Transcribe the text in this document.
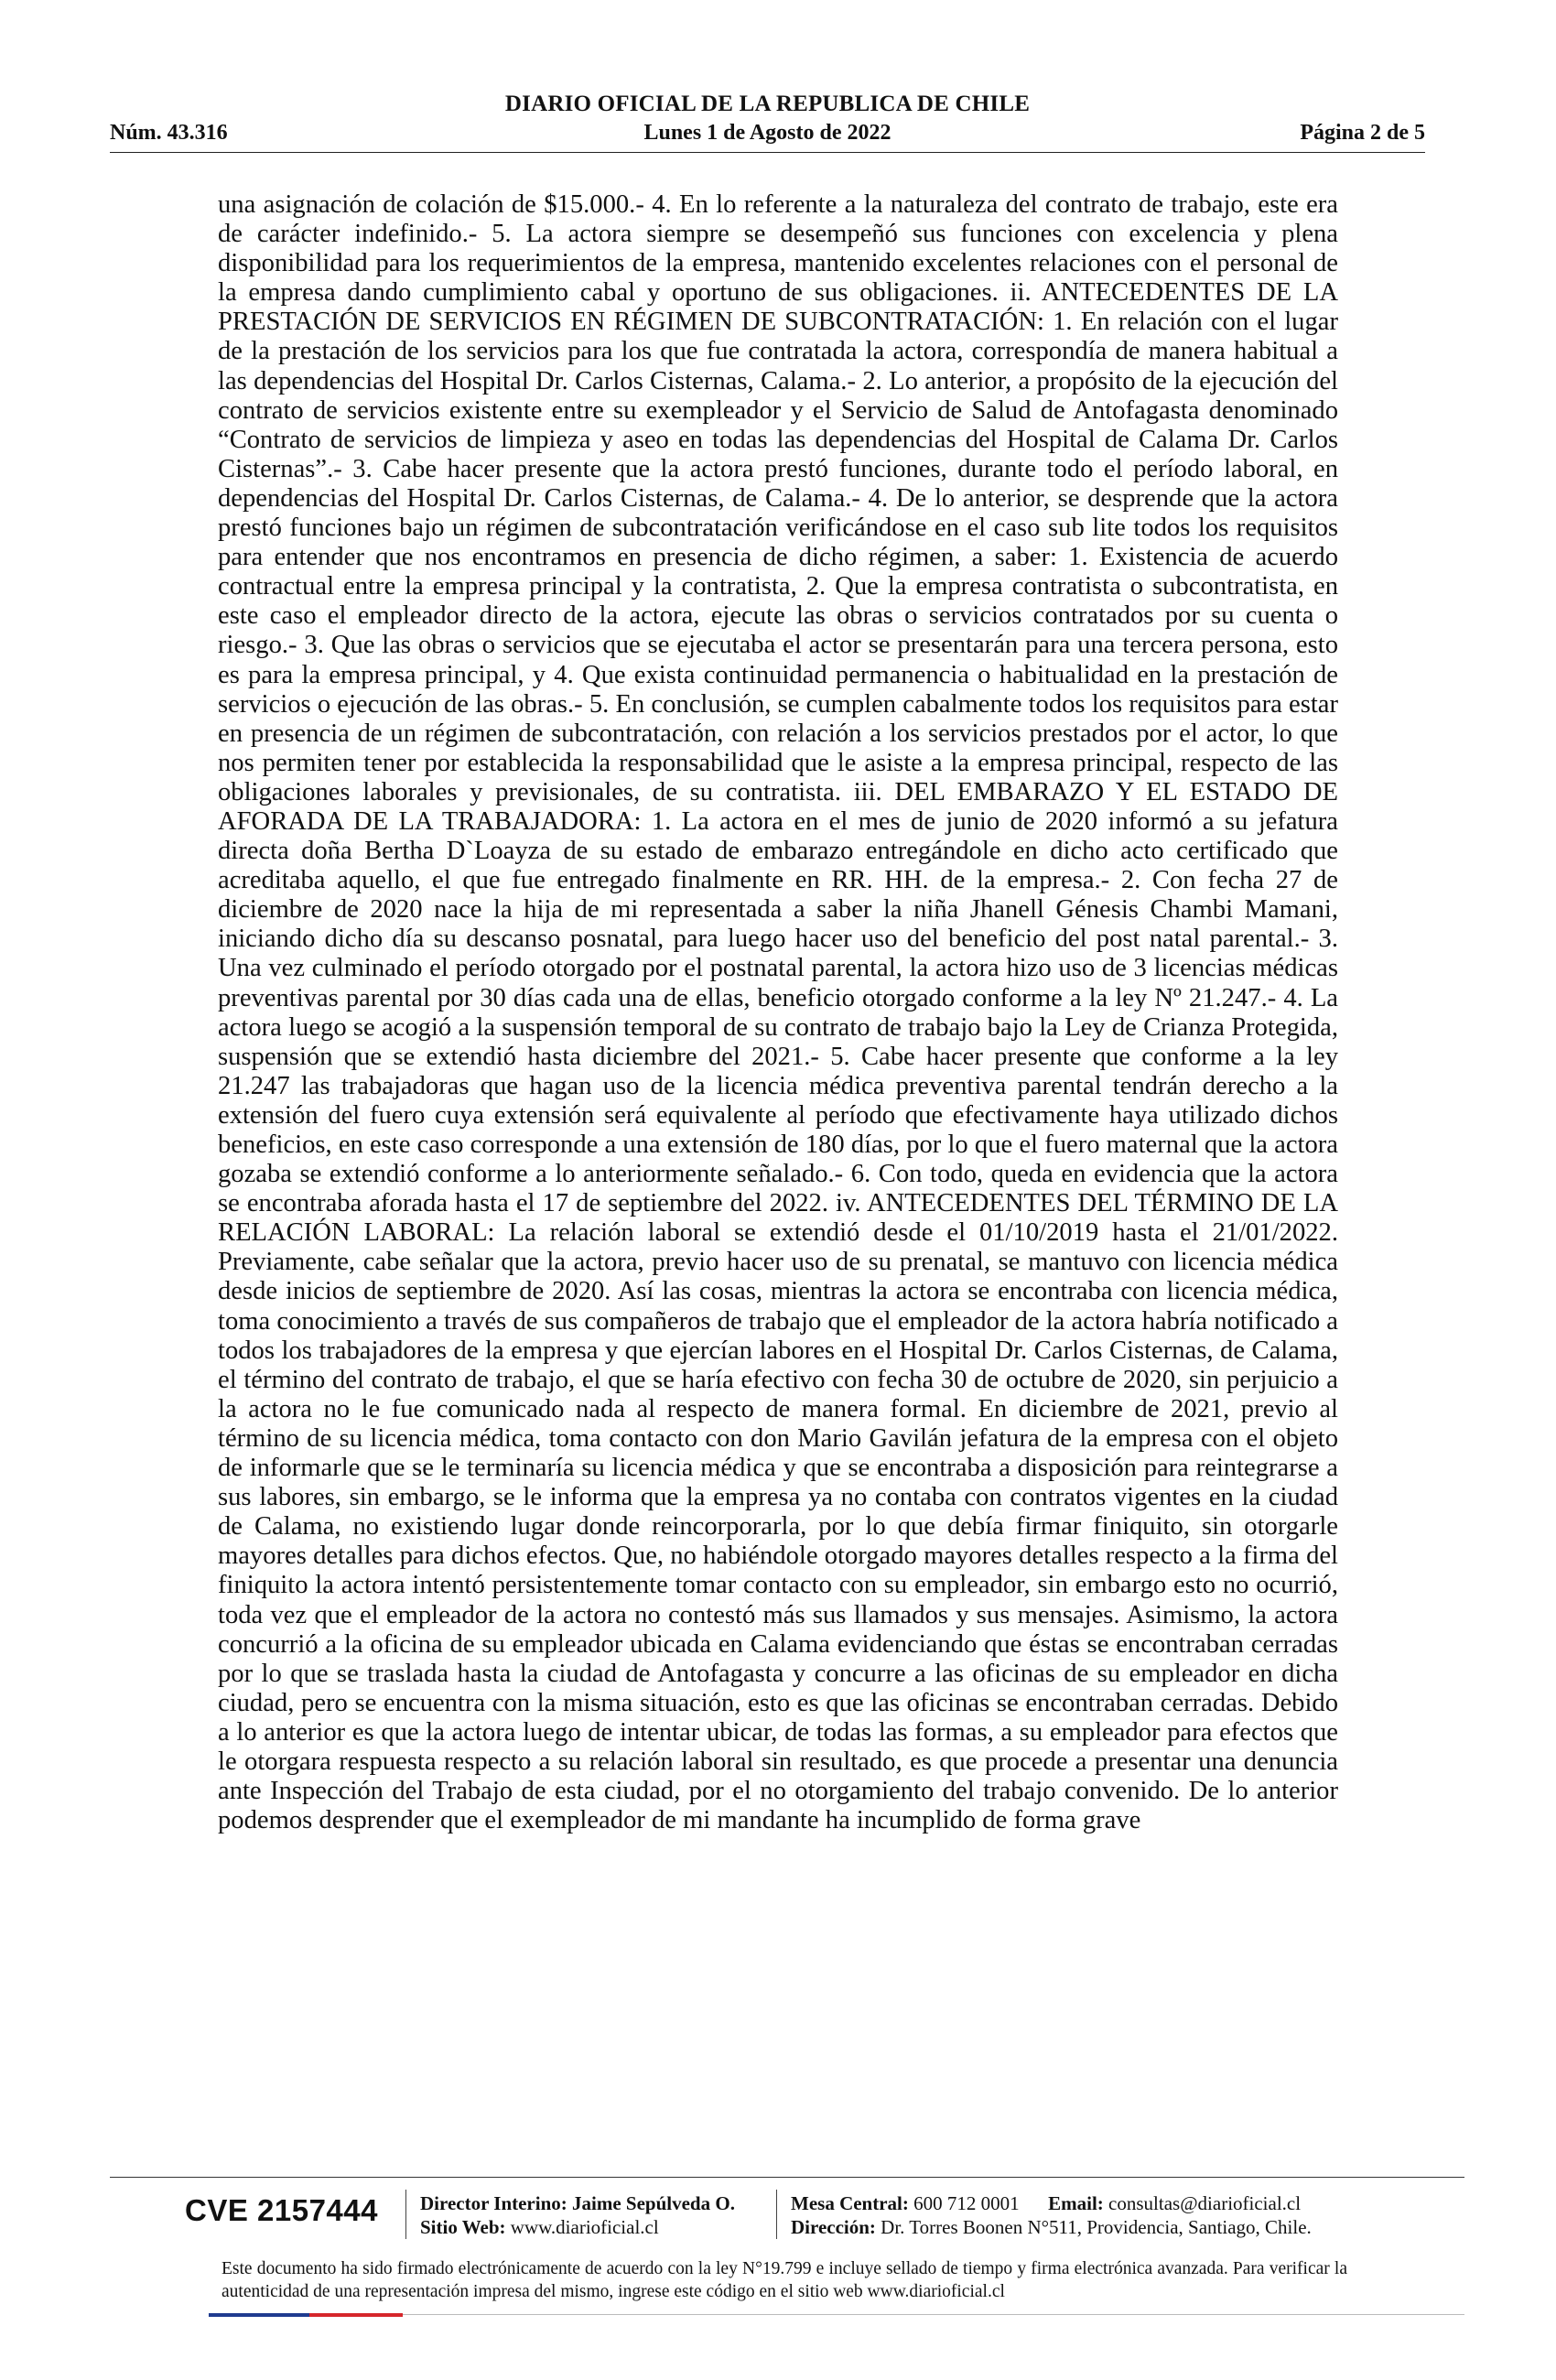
DIARIO OFICIAL DE LA REPUBLICA DE CHILE
Núm. 43.316	Lunes 1 de Agosto de 2022	Página 2 de 5

una asignación de colación de $15.000.- 4. En lo referente a la naturaleza del contrato de trabajo, este era de carácter indefinido.- 5. La actora siempre se desempeñó sus funciones con excelencia y plena disponibilidad para los requerimientos de la empresa, mantenido excelentes relaciones con el personal de la empresa dando cumplimiento cabal y oportuno de sus obligaciones. ii. ANTECEDENTES DE LA PRESTACIÓN DE SERVICIOS EN RÉGIMEN DE SUBCONTRATACIÓN: 1. En relación con el lugar de la prestación de los servicios para los que fue contratada la actora, correspondía de manera habitual a las dependencias del Hospital Dr. Carlos Cisternas, Calama.- 2. Lo anterior, a propósito de la ejecución del contrato de servicios existente entre su exempleador y el Servicio de Salud de Antofagasta denominado “Contrato de servicios de limpieza y aseo en todas las dependencias del Hospital de Calama Dr. Carlos Cisternas”.- 3. Cabe hacer presente que la actora prestó funciones, durante todo el período laboral, en dependencias del Hospital Dr. Carlos Cisternas, de Calama.- 4. De lo anterior, se desprende que la actora prestó funciones bajo un régimen de subcontratación verificándose en el caso sub lite todos los requisitos para entender que nos encontramos en presencia de dicho régimen, a saber: 1. Existencia de acuerdo contractual entre la empresa principal y la contratista, 2. Que la empresa contratista o subcontratista, en este caso el empleador directo de la actora, ejecute las obras o servicios contratados por su cuenta o riesgo.- 3. Que las obras o servicios que se ejecutaba el actor se presentarán para una tercera persona, esto es para la empresa principal, y 4. Que exista continuidad permanencia o habitualidad en la prestación de servicios o ejecución de las obras.- 5. En conclusión, se cumplen cabalmente todos los requisitos para estar en presencia de un régimen de subcontratación, con relación a los servicios prestados por el actor, lo que nos permiten tener por establecida la responsabilidad que le asiste a la empresa principal, respecto de las obligaciones laborales y previsionales, de su contratista. iii. DEL EMBARAZO Y EL ESTADO DE AFORADA DE LA TRABAJADORA: 1. La actora en el mes de junio de 2020 informó a su jefatura directa doña Bertha D`Loayza de su estado de embarazo entregándole en dicho acto certificado que acreditaba aquello, el que fue entregado finalmente en RR. HH. de la empresa.- 2. Con fecha 27 de diciembre de 2020 nace la hija de mi representada a saber la niña Jhanell Génesis Chambi Mamani, iniciando dicho día su descanso posnatal, para luego hacer uso del beneficio del post natal parental.- 3. Una vez culminado el período otorgado por el postnatal parental, la actora hizo uso de 3 licencias médicas preventivas parental por 30 días cada una de ellas, beneficio otorgado conforme a la ley Nº 21.247.- 4. La actora luego se acogió a la suspensión temporal de su contrato de trabajo bajo la Ley de Crianza Protegida, suspensión que se extendió hasta diciembre del 2021.- 5. Cabe hacer presente que conforme a la ley 21.247 las trabajadoras que hagan uso de la licencia médica preventiva parental tendrán derecho a la extensión del fuero cuya extensión será equivalente al período que efectivamente haya utilizado dichos beneficios, en este caso corresponde a una extensión de 180 días, por lo que el fuero maternal que la actora gozaba se extendió conforme a lo anteriormente señalado.- 6. Con todo, queda en evidencia que la actora se encontraba aforada hasta el 17 de septiembre del 2022. iv. ANTECEDENTES DEL TÉRMINO DE LA RELACIÓN LABORAL: La relación laboral se extendió desde el 01/10/2019 hasta el 21/01/2022. Previamente, cabe señalar que la actora, previo hacer uso de su prenatal, se mantuvo con licencia médica desde inicios de septiembre de 2020. Así las cosas, mientras la actora se encontraba con licencia médica, toma conocimiento a través de sus compañeros de trabajo que el empleador de la actora habría notificado a todos los trabajadores de la empresa y que ejercían labores en el Hospital Dr. Carlos Cisternas, de Calama, el término del contrato de trabajo, el que se haría efectivo con fecha 30 de octubre de 2020, sin perjuicio a la actora no le fue comunicado nada al respecto de manera formal. En diciembre de 2021, previo al término de su licencia médica, toma contacto con don Mario Gavilán jefatura de la empresa con el objeto de informarle que se le terminaría su licencia médica y que se encontraba a disposición para reintegrarse a sus labores, sin embargo, se le informa que la empresa ya no contaba con contratos vigentes en la ciudad de Calama, no existiendo lugar donde reincorporarla, por lo que debía firmar finiquito, sin otorgarle mayores detalles para dichos efectos. Que, no habiéndole otorgado mayores detalles respecto a la firma del finiquito la actora intentó persistentemente tomar contacto con su empleador, sin embargo esto no ocurrió, toda vez que el empleador de la actora no contestó más sus llamados y sus mensajes. Asimismo, la actora concurrió a la oficina de su empleador ubicada en Calama evidenciando que éstas se encontraban cerradas por lo que se traslada hasta la ciudad de Antofagasta y concurre a las oficinas de su empleador en dicha ciudad, pero se encuentra con la misma situación, esto es que las oficinas se encontraban cerradas. Debido a lo anterior es que la actora luego de intentar ubicar, de todas las formas, a su empleador para efectos que le otorgara respuesta respecto a su relación laboral sin resultado, es que procede a presentar una denuncia ante Inspección del Trabajo de esta ciudad, por el no otorgamiento del trabajo convenido. De lo anterior podemos desprender que el exempleador de mi mandante ha incumplido de forma grave

CVE 2157444 Director Interino: Jaime Sepúlveda O.
Sitio Web: www.diarioficial.cl
Mesa Central: 600 712 0001 Email: consultas@diarioficial.cl
Dirección: Dr. Torres Boonen N°511, Providencia, Santiago, Chile.
Este documento ha sido firmado electrónicamente de acuerdo con la ley N°19.799 e incluye sellado de tiempo y firma electrónica avanzada. Para verificar la autenticidad de una representación impresa del mismo, ingrese este código en el sitio web www.diarioficial.cl
